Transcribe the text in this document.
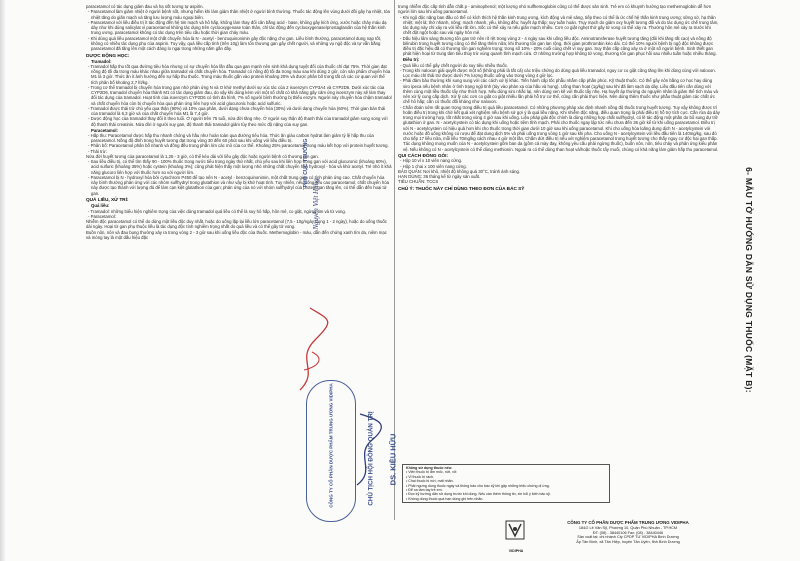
paracetamol có tác dụng giảm đau và hạ sốt tương tự aspirin.
- Paracetamol làm giảm nhiệt ở người bệnh sốt, nhưng hiếm khi làm giảm thân nhiệt ở người bình thường. Thuốc tác động lên vùng dưới đồi gây hạ nhiệt, tỏa nhiệt tăng do giãn mạch và tăng lưu lượng máu ngoại biên.
- Paracetamol với liều điều trị ít tác động đến hệ tim mạch và hô hấp, không làm thay đổi cân bằng acid - base, không gây kích ứng, xước hoặc chảy máu dạ dày như khi dùng salicylat vì paracetamol không tác dụng trên cyclooxygenase toàn thân, chỉ tác động đến cyclooxygenase/prostaglandin của hệ thần kinh trung ương. paracetamol không có tác dụng trên tiểu cầu hoặc thời gian chảy máu.
- Khi dùng quá liều paracetamol một chất chuyển hóa là N - acetyl - benzoquinonimin gây độc nặng cho gan. Liều bình thường, paracetamol dung nạp tốt, không có nhiều tác dụng phụ của aspirin. Tuy vậy, quá liều cấp tính (trên 10g) làm tổn thương gan gây chết người, và những vụ ngộ độc và tự vẫn bằng paracetamol đã tăng lên một cách đáng lo ngại trong những năm gần đây.
DƯỢC ĐỘNG HỌC:
Tramadol:
- Tramadol hấp thu tốt qua đường tiêu hóa nhưng có sự chuyển hóa lần đầu qua gan mạnh nên sinh khả dụng tuyệt đối của thuốc chỉ đạt 75%. Thời gian đạt nồng độ tối đa trong máu khác nhau giữa tramadol và chất chuyển hóa. Tramadol có nồng độ tối đa trong máu sau khi dùng 2 giờ, còn sản phẩm chuyển hóa M1 là 3 giờ. Thức ăn ít ảnh hưởng đến sự hấp thu thuốc. Trong máu thuốc gắn vào protein khoảng 20% và được phân bố trong tất cả các cơ quan với thể tích phân bố khoảng 2,7 lít/kg.
- Trong cơ thể tramadol bị chuyển hóa trong gan nhờ phản ứng N và O khử methyl dưới sự xúc tác của 2 isoenzym CYP3A4 và CYP2D6. Dưới xúc tác của CYP2D6, tramadol chuyển hóa thành M1 có tác dụng giảm đau, do vậy khi dùng kèm với một số chất có khả năng gây cảm ứng isoenzym này sẽ làm thay đổi tác dụng của tramadol. Hoạt tính của isoenzym CYP2D6 có tính đa hình, 7% số người bình thường bị thiếu enzym. Người này chuyển hóa chậm tramadol và chất chuyển hóa còn bị chuyển hóa qua phản ứng liên hợp với acid glucuronic hoặc acid sulfuric.
- Tramadol được thải trừ chủ yếu qua thận (90%) và 10% qua phân, dưới dạng chưa chuyển hóa (30%) và dưới dạng chuyển hóa (60%). Thời gian bán thải của tramadol là 6,3 giờ và của chất chuyển hóa M1 là 7,4 giờ.
- Dược động học của tramadol thay đổi ít theo tuổi. Ở người trên 75 tuổi, nửa đời tăng nhẹ. Ở người suy thận độ thanh thải của tramadol giảm song song với độ thanh thải creatinin. Nửa đời ở người suy gan, độ thanh thải tramadol giảm tùy theo mức độ nặng của suy gan.
Paracetamol:
- Hấp thu: Paracetamol được hấp thu nhanh chóng và hầu như hoàn toàn qua đường tiêu hóa. Thức ăn giàu carbon hydrat làm giảm tỷ lệ hấp thu của paracetamol. Nồng độ đỉnh trong huyết tương đạt trong vòng 30 đến 60 phút sau khi uống với liều điều trị.
- Phân bố: Paracetamol phân bố nhanh và đồng đều trong phần lớn các mô của cơ thể. Khoảng 25% paracetamol trong máu kết hợp với protein huyết tương.
- Thải trừ:
Nửa đời huyết tương của paracetamol là 1,25 - 3 giờ, có thể kéo dài với liều gây độc hoặc người bệnh có thương tổn gan.
- Sau liều điều trị, có thể tìm thấy 90 - 100% thuốc trong nước tiểu trong ngày thứ nhất, chủ yếu sau khi liên hợp trong gan với acid glucuronic (khoảng 60%), acid sulfuric (khoảng 35%) hoặc cystein (khoảng 3%); cũng phát hiện thấy một lượng nhỏ những chất chuyển hóa hydroxyl - hóa và khử acetyl. Trẻ nhỏ ít khả năng glucuro liên hợp với thuốc hơn so với người lớn.
- Paracetamol bị N - hydroxyl hóa bởi cytochrom P450 để tạo nên N - acetyl - benzoquinonimin, một chất trung gian có tính phản ứng cao. Chất chuyển hóa này bình thường phản ứng với các nhóm sulfhydryl trong glutathion và như vậy bị khử hoạt tính. Tuy nhiên, nếu uống liều cao paracetamol, chất chuyển hóa này được tạo thành với lượng đủ để làm cạn kiệt glutathion của gan; phản ứng của nó với nhóm sulfhydryl của protein gan tăng lên, có thể dẫn đến hoại tử gan.
QUÁ LIỀU, XỬ TRÍ:
Quá liều:
- Tramadol: những biểu hiện nghiêm trọng của việc dùng tramadol quá liều có thể là suy hô hấp, hôn mê, co giật, ngừng tim và tử vong.
- Paracetamol:
Nhiễm độc paracetamol có thể do dùng một liều độc duy nhất, hoặc do uống lặp lại liều lớn paracetamol (7,5 - 10g/ngày trong 1 - 2 ngày), hoặc do uống thuốc dài ngày. Hoại tử gan phụ thuộc liều là tác dụng độc tính nghiêm trọng nhất do quá liều và có thể gây tử vong.
Buồn nôn, nôn và đau bụng thường xảy ra trong vòng 2 - 3 giờ sau khi uống liều độc của thuốc. Methemoglobin - máu, dẫn đến chứng xanh tím da, niêm mạc và móng tay là một dấu hiệu đặc
trưng nhiễm độc cấp tính dẫn chất p - aminophenol; một lượng nhỏ sulfhemoglobin cũng có thể được sản sinh. Trẻ em có khuynh hướng tạo methemoglobin dễ hơn người lớn sau khi uống paracetamol.
- Khi ngộ độc nặng ban đầu có thể có kích thích hệ thần kinh trung ương, kích động và mê sảng, tiếp theo có thể là ức chế hệ thần kinh trung ương; sững sờ, hạ thân nhiệt; mệt lả; thở nhanh, nông; mạch nhanh, yếu, không đều; huyết áp thấp; suy tuần hoàn. Trụy mạch do giảm oxy huyết tương đối và do tác dụng ức chế trung tâm, tác dụng này chỉ xảy ra với liều rất lớn. Sốc có thể xảy ra nếu giãn mạch nhiều. Cơn co giật nghẹt thở gây tử vong có thể xảy ra. Thường hôn mê xảy ra trước khi chết đột ngột hoặc sau vài ngày hôn mê.
- Dấu hiệu lâm sàng thương tổn gan trở nên rõ rệt trong vòng 2 - 4 ngày sau khi uống liều độc. Aminotransferase huyết tương tăng (đôi khi tăng rất cao) và nồng độ bilirubin trong huyết tương cũng có thể tăng thêm nữa; khi thương tổn gan lan rộng, thời gian prothrombin kéo dài. Có thể 10% người bệnh bị ngộ độc không được điều trị đặc hiệu đã có thương tổn gan nghiêm trọng; trong số 10% - 20% cuối cùng chết vì suy gan. Suy thận cấp cũng xảy ra ở một số người bệnh. Sinh thiết gan phát hiện hoại tử trung tâm tiểu thùy trừ vùng quanh tĩnh mạch cửa. Ở những trường hợp không tử vong, thương tổn gan phục hồi sau nhiều tuần hoặc nhiều tháng.
Điều trị:
- Quá liều có thể gây chết người do suy tiêu nhiều thuốc.
- Trong khi naloxon giải quyết được một số (không phải là tất cả) các triệu chứng do dùng quá liều tramadol, nguy cơ co giật cũng tăng lên khi dùng cùng với naloxon. Lọc máu chỉ thải trừ được dưới 7% lượng thuốc uống vào trong vòng 4 giờ lọc.
- Phải đảm bảo thường khí sung sung với các cách xử lý khác. Tiến hành cấp tốc phẫu nhẫm cấp phần phúc. Kỹ thuật thuốc. Có thể gây nôn bằng cơ học hay dùng siro ipeca nếu bệnh nhân ở tình trạng ngộ tỉnh (tùy vào phản xạ của hầu và họng). Uống than hoạt (1g/kg) sau khi đã làm sạch dạ dày. Liều đầu tiên cần dùng với thêm cùng một liều thuốc tẩy như thích hợp. Nếu dùng siro nhắc lại, nên dùng xen kẽ với thuốc tẩy nhẹ. Hạ huyết áp thường do nguyên nhân là giảm thể tích máu và nên xử lý cung cấp dịch. Xử lý các cơn co giật co giật nhiều lần phải hỗ trợ cơ thể, cũng cần phải thực hiện. Nên dùng thêm thuốc như phẫu thuật giảm các chất ức chế hô hấp; cần có thuốc đối kháng như naloxon.
- Chẩn đoán sớm rất quan trọng trong điều trị quá liều paracetamol. Có những phương pháp xác định nhanh nồng độ thuốc trong huyết tương. Tuy vậy không được trì hoãn điều trị trong khi chờ kết quả xét nghiệm nếu bệnh sử gợi ý là quá liều nặng. Khi nhiễm độc nặng, điều quan trọng là phải điều trị hỗ trợ tích cực. Cần rửa dạ dày trong mọi trường hợp, tốt nhất trong vòng 4 giờ sau khi uống. Liệu pháp giải độc chính là dùng những hợp chất sulfhydryl, có lẽ tác động một phần do bổ sung dự trữ glutathion ở gan. N - acetylcystein có tác dụng khi uống hoặc tiêm tĩnh mạch. Phải cho thuốc ngay lập tức nếu chưa đến 36 giờ kể từ khi uống paracetamol. Điều trị với N - acetylcystein có hiệu quả hơn khi cho thuốc trong thời gian dưới 10 giờ sau khi uống paracetamol. Khi cho uống hòa loãng dung dịch N - acetylcystein với nước hoặc đồ uống không có rượu để đạt dung dịch 5% và phải uống trong vòng 1 giờ sau khi pha. Cho uống N - acetylcystein với liều đầu tiên là 140mg/kg, sau đó cho tiếp 17 liều nữa, mỗi liều 70mg/kg cách nhau 4 giờ một lần. Chấm dứt điều trị nếu xét nghiệm paracetamol trong huyết tương cho thấy nguy cơ độc hại gan thấp. Tác dụng không mong muốn của N - acetylcystein gồm ban da (gồm cả mày đay, không yêu cầu phải ngừng thuốc), buồn nôn, nôn, tiêu chảy và phản ứng kiểu phản vệ. Nếu không có N - acetylcystein có thể dùng methionin. Ngoài ra có thể dùng than hoạt và/hoặc thuốc tẩy muối, chúng có khả năng làm giảm hấp thu paracetamol.
QUI CÁCH ĐÓNG GÓI:
- Hộp 10 vỉ x 10 viên nang cứng.
- Hộp 1 chai x 100 viên nang cứng.
BẢO QUẢN: Nơi khô, nhiệt độ không quá 30°C, tránh ánh sáng.
HẠN DÙNG: 36 tháng kể từ ngày sản xuất.
TIÊU CHUẨN: TCCS
CHÚ Ý: THUỐC NÀY CHỈ DÙNG THEO ĐƠN CỦA BÁC SỸ
Không sử dụng thuốc nếu:
• Viên thuốc bị ẩm mốc, nứt, vỡ.
• Vỉ thuốc bị rách.
• Chai thuốc bị nứt, mất nhãn.
• Phải ngưng dùng thuốc ngay và thông báo cho bác sỹ khi gặp những triệu chứng dị ứng.
• Để xa tầm tay trẻ em.
• Đọc kỹ hướng dẫn sử dụng trước khi dùng. Nếu cần thêm thông tin, xin hỏi ý kiến bác sỹ.
• Không dùng thuốc quá hạn dùng ghi trên nhãn.
6- MẪU TỜ HƯỚNG DẪN SỬ DỤNG THUỐC (MẶT B):
VIDIPHA
CÔNG TY CỔ PHẦN DƯỢC PHẨM TRUNG ƯƠNG VIDIPHA
184/2 Lê Văn Sỹ, Phường 10, Quận Phú Nhuận - TP.HCM
ĐT: (08) - 38440106 Fax: (08) - 38440446
Sản xuất tại: chi nhánh Cty CPDP TƯ VIDIPHA Bình Dương
Ấp Tân Bình, xã Tân Hiệp, huyện Tân Uyên, tỉnh Bình Dương
PHÓ CỤC TRƯỞNG
Nguyễn Việt Hùng
CÔNG TY CỔ PHẦN DƯỢC PHẨM TRUNG ƯƠNG VIDIPHA	CHỦ TỊCH HỘI ĐỒNG QUẢN TRỊ DS. KIỀU HỮU
